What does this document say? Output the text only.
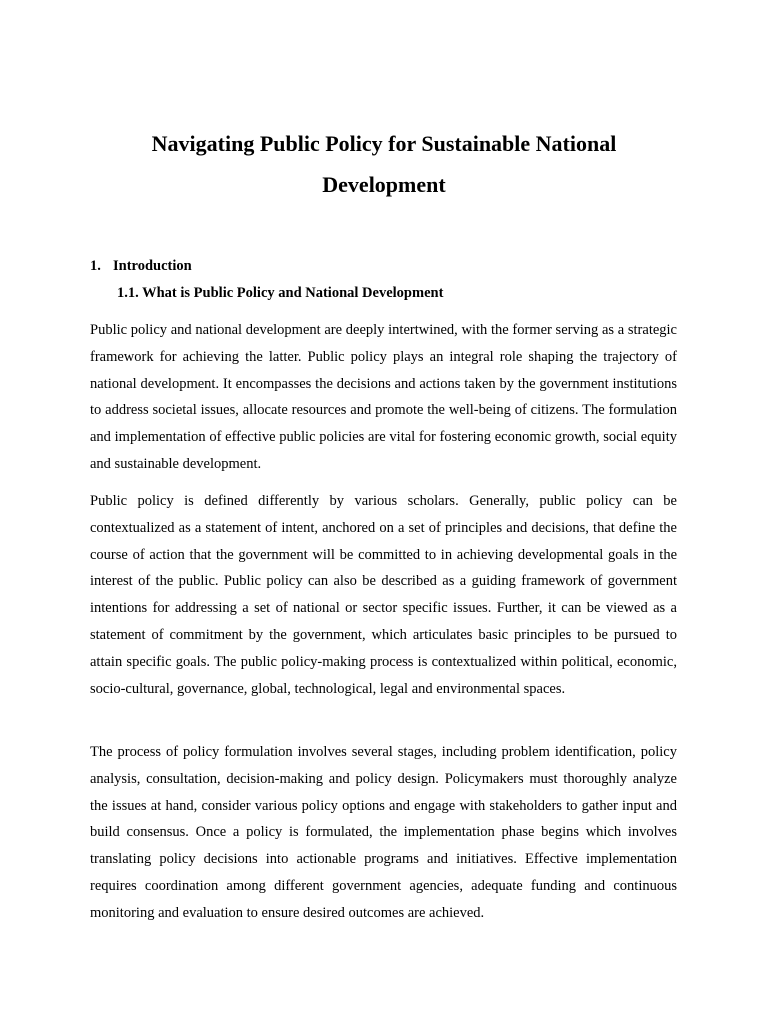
Navigating Public Policy for Sustainable National
Development
1. Introduction
1.1. What is Public Policy and National Development

Public policy and national development are deeply intertwined, with the former serving as a strategic framework for achieving the latter. Public policy plays an integral role shaping the trajectory of national development. It encompasses the decisions and actions taken by the government institutions to address societal issues, allocate resources and promote the well-being of citizens. The formulation and implementation of effective public policies are vital for fostering economic growth, social equity and sustainable development.

Public policy is defined differently by various scholars. Generally, public policy can be contextualized as a statement of intent, anchored on a set of principles and decisions, that define the course of action that the government will be committed to in achieving developmental goals in the interest of the public. Public policy can also be described as a guiding framework of government intentions for addressing a set of national or sector specific issues. Further, it can be viewed as a statement of commitment by the government, which articulates basic principles to be pursued to attain specific goals. The public policy-making process is contextualized within political, economic, socio-cultural, governance, global, technological, legal and environmental spaces.

The process of policy formulation involves several stages, including problem identification, policy analysis, consultation, decision-making and policy design. Policymakers must thoroughly analyze the issues at hand, consider various policy options and engage with stakeholders to gather input and build consensus. Once a policy is formulated, the implementation phase begins which involves translating policy decisions into actionable programs and initiatives. Effective implementation requires coordination among different government agencies, adequate funding and continuous monitoring and evaluation to ensure desired outcomes are achieved.
